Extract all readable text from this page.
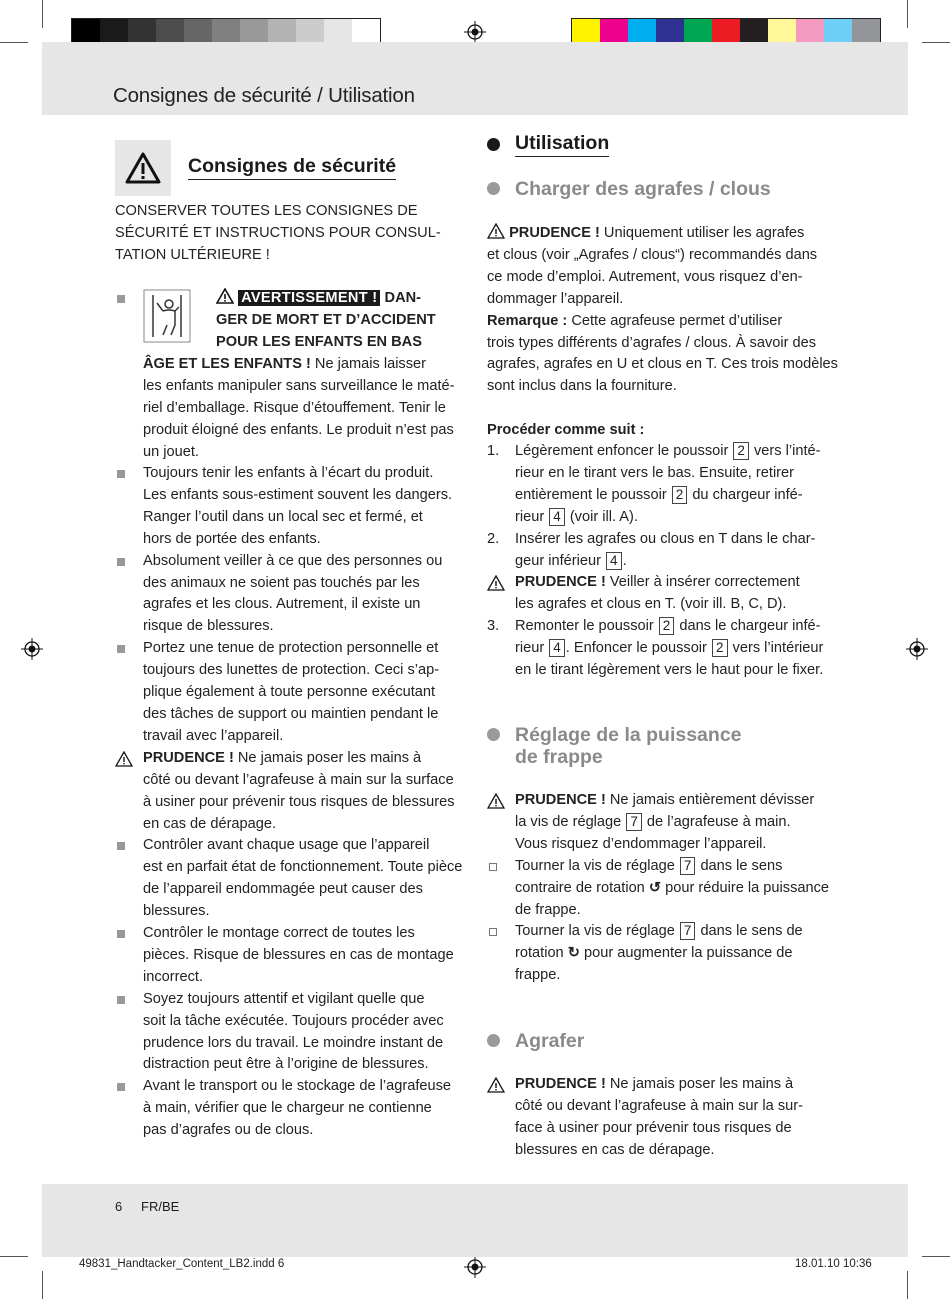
Consignes de sécurité / Utilisation
Consignes de sécurité
CONSERVER TOUTES LES CONSIGNES DE
SÉCURITÉ ET INSTRUCTIONS POUR CONSUL-
TATION ULTÉRIEURE !
AVERTISSEMENT ! DAN-
GER DE MORT ET D’ACCIDENT
POUR LES ENFANTS EN BAS
ÂGE ET LES ENFANTS ! Ne jamais laisser
les enfants manipuler sans surveillance le maté-
riel d’emballage. Risque d’étouffement. Tenir le
produit éloigné des enfants. Le produit n’est pas
un jouet.
Toujours tenir les enfants à l’écart du produit.
Les enfants sous-estiment souvent les dangers.
Ranger l’outil dans un local sec et fermé, et
hors de portée des enfants.
Absolument veiller à ce que des personnes ou
des animaux ne soient pas touchés par les
agrafes et les clous. Autrement, il existe un
risque de blessures.
Portez une tenue de protection personnelle et
toujours des lunettes de protection. Ceci s’ap-
plique également à toute personne exécutant
des tâches de support ou maintien pendant le
travail avec l’appareil.
PRUDENCE ! Ne jamais poser les mains à
côté ou devant l’agrafeuse à main sur la surface
à usiner pour prévenir tous risques de blessures
en cas de dérapage.
Contrôler avant chaque usage que l’appareil
est en parfait état de fonctionnement. Toute pièce
de l’appareil endommagée peut causer des
blessures.
Contrôler le montage correct de toutes les
pièces. Risque de blessures en cas de montage
incorrect.
Soyez toujours attentif et vigilant quelle que
soit la tâche exécutée. Toujours procéder avec
prudence lors du travail. Le moindre instant de
distraction peut être à l’origine de blessures.
Avant le transport ou le stockage de l’agrafeuse
à main, vérifier que le chargeur ne contienne
pas d’agrafes ou de clous.
Utilisation
Charger des agrafes / clous
PRUDENCE ! Uniquement utiliser les agrafes
et clous (voir „Agrafes / clous“) recommandés dans
ce mode d’emploi. Autrement, vous risquez d’en-
dommager l’appareil.
Remarque : Cette agrafeuse permet d’utiliser
trois types différents d’agrafes / clous. À savoir des
agrafes, agrafes en U et clous en T. Ces trois modèles
sont inclus dans la fourniture.
Procéder comme suit :
1. Légèrement enfoncer le poussoir 2 vers l’inté-
rieur en le tirant vers le bas. Ensuite, retirer
entièrement le poussoir 2 du chargeur infé-
rieur 4 (voir ill. A).
2. Insérer les agrafes ou clous en T dans le char-
geur inférieur 4 .
PRUDENCE ! Veiller à insérer correctement
les agrafes et clous en T. (voir ill. B, C, D).
3. Remonter le poussoir 2 dans le chargeur infé-
rieur 4 . Enfoncer le poussoir 2 vers l’intérieur
en le tirant légèrement vers le haut pour le fixer.
Réglage de la puissance
de frappe
PRUDENCE ! Ne jamais entièrement dévisser
la vis de réglage 7 de l’agrafeuse à main.
Vous risquez d’endommager l’appareil.
Tourner la vis de réglage 7 dans le sens
contraire de rotation ↺ pour réduire la puissance
de frappe.
Tourner la vis de réglage 7 dans le sens de
rotation ↻ pour augmenter la puissance de
frappe.
Agrafer
PRUDENCE ! Ne jamais poser les mains à
côté ou devant l’agrafeuse à main sur la sur-
face à usiner pour prévenir tous risques de
blessures en cas de dérapage.
6 FR/BE
49831_Handtacker_Content_LB2.indd 6	18.01.10 10:36
